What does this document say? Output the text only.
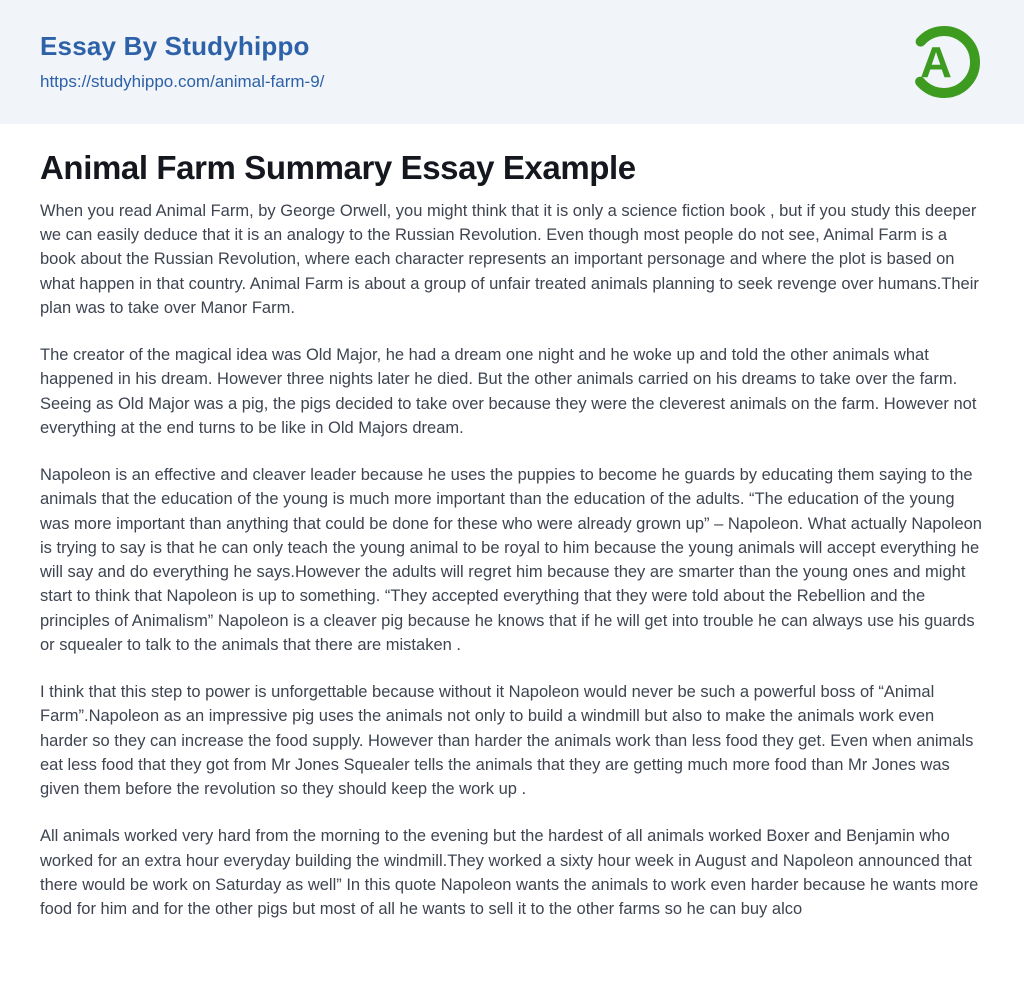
Essay By Studyhippo
https://studyhippo.com/animal-farm-9/	A
Animal Farm Summary Essay Example

When you read Animal Farm, by George Orwell, you might think that it is only a science fiction book , but if you study this deeper we can easily deduce that it is an analogy to the Russian Revolution. Even though most people do not see, Animal Farm is a book about the Russian Revolution, where each character represents an important personage and where the plot is based on what happen in that country. Animal Farm is about a group of unfair treated animals planning to seek revenge over humans.Their plan was to take over Manor Farm.

The creator of the magical idea was Old Major, he had a dream one night and he woke up and told the other animals what happened in his dream. However three nights later he died. But the other animals carried on his dreams to take over the farm. Seeing as Old Major was a pig, the pigs decided to take over because they were the cleverest animals on the farm. However not everything at the end turns to be like in Old Majors dream.

Napoleon is an effective and cleaver leader because he uses the puppies to become he guards by educating them saying to the animals that the education of the young is much more important than the education of the adults. “The education of the young was more important than anything that could be done for these who were already grown up” – Napoleon. What actually Napoleon is trying to say is that he can only teach the young animal to be royal to him because the young animals will accept everything he will say and do everything he says.However the adults will regret him because they are smarter than the young ones and might start to think that Napoleon is up to something. “They accepted everything that they were told about the Rebellion and the principles of Animalism” Napoleon is a cleaver pig because he knows that if he will get into trouble he can always use his guards or squealer to talk to the animals that there are mistaken .

I think that this step to power is unforgettable because without it Napoleon would never be such a powerful boss of “Animal Farm”.Napoleon as an impressive pig uses the animals not only to build a windmill but also to make the animals work even harder so they can increase the food supply. However than harder the animals work than less food they get. Even when animals eat less food that they got from Mr Jones Squealer tells the animals that they are getting much more food than Mr Jones was given them before the revolution so they should keep the work up .

All animals worked very hard from the morning to the evening but the hardest of all animals worked Boxer and Benjamin who worked for an extra hour everyday building the windmill.They worked a sixty hour week in August and Napoleon announced that there would be work on Saturday as well” In this quote Napoleon wants the animals to work even harder because he wants more food for him and for the other pigs but most of all he wants to sell it to the other farms so he can buy alco
